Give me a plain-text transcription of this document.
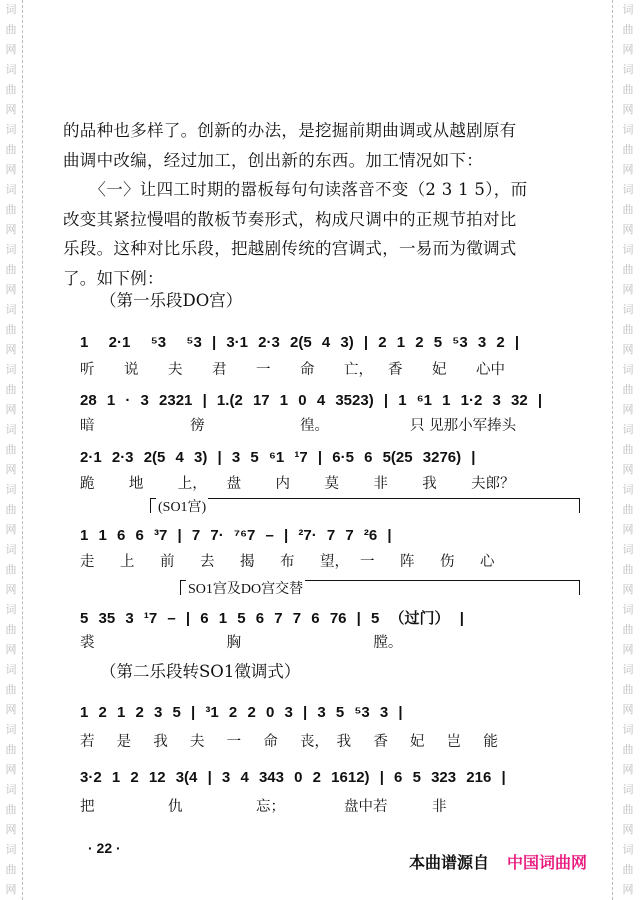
词
曲
网
词
曲
网
词
曲
网
词
曲
网
词
曲
网
词
曲
网
词
曲
网
词
曲
网
词
曲
网
词
曲
网
词
曲
网
词
曲
网
词
曲
网
词
曲
网
词
曲
网
词
曲
网
词
曲
网
词
曲
网
词
曲
网
词
曲
网
词
曲
网
词
曲
网
词
曲
网
词
曲
网
词
曲
网
词
曲
网
词
曲
网
词
曲
网
词
曲
网
词
曲
网

的品种也多样了。创新的办法，是挖掘前期曲调或从越剧原有曲调中改编，经过加工，创出新的东西。加工情况如下：

〈一〉让四工时期的嚣板每句句读落音不变（2 3 1 5），而改变其紧拉慢唱的散板节奏形式，构成尺调中的正规节拍对比乐段。这种对比乐段，把越剧传统的宫调式，一易而为徵调式了。如下例：

（第一乐段DO宫）
1  2·1  ⁵3  ⁵3 | 3·1 2·3 2(5 4 3) | 2 1 2 5 ⁵3 3 2 |
听 说 夫 君 一 命 亡， 香 妃 心中
28 1 · 3 2321 | 1.(2 17 1 0 4 3523) | 1 ⁶1 1 1·2 3 32 |
暗	徬	徨。	只 见那小军捧头
2·1 2·3 2(5 4 3) | 3 5 ⁶1 ¹7 | 6·5 6 5(25 3276) |
跪 地 上， 盘 内 莫 非 我 夫郎？
1 1 6 6 ³7 | 7 7· ⁷⁶7 – | ²7· 7 7 ²6 |
走 上 前 去 揭 布 望， 一 阵 伤 心
(SO1宫)
5 35 3 ¹7 – | 6 1 5 6 7 7 6 76 | 5 （过门） |
裘	胸	膛。
SO1宫及DO宫交替
1 2 1 2 3 5 | ³1 2 2 0 3 | 3 5 ⁵3 3 |
若 是 我 夫 一 命 丧， 我 香 妃 岂 能
3·2 1 2 12 3(4 | 3 4 343 0 2 1612) | 6 5 323 216 |
把	仇	忘；	盘中若	非
（第二乐段转SO1徵调式）
· 22 ·
本曲谱源自 中国词曲网
